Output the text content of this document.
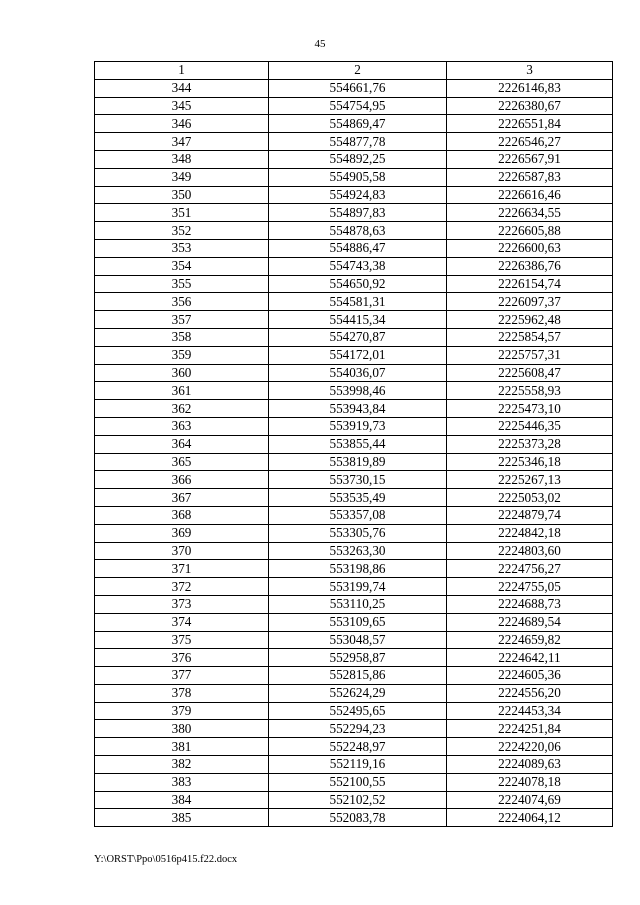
45
1	2	3
344	554661,76	2226146,83
345	554754,95	2226380,67
346	554869,47	2226551,84
347	554877,78	2226546,27
348	554892,25	2226567,91
349	554905,58	2226587,83
350	554924,83	2226616,46
351	554897,83	2226634,55
352	554878,63	2226605,88
353	554886,47	2226600,63
354	554743,38	2226386,76
355	554650,92	2226154,74
356	554581,31	2226097,37
357	554415,34	2225962,48
358	554270,87	2225854,57
359	554172,01	2225757,31
360	554036,07	2225608,47
361	553998,46	2225558,93
362	553943,84	2225473,10
363	553919,73	2225446,35
364	553855,44	2225373,28
365	553819,89	2225346,18
366	553730,15	2225267,13
367	553535,49	2225053,02
368	553357,08	2224879,74
369	553305,76	2224842,18
370	553263,30	2224803,60
371	553198,86	2224756,27
372	553199,74	2224755,05
373	553110,25	2224688,73
374	553109,65	2224689,54
375	553048,57	2224659,82
376	552958,87	2224642,11
377	552815,86	2224605,36
378	552624,29	2224556,20
379	552495,65	2224453,34
380	552294,23	2224251,84
381	552248,97	2224220,06
382	552119,16	2224089,63
383	552100,55	2224078,18
384	552102,52	2224074,69
385	552083,78	2224064,12
Y:\ORST\Ppo\0516p415.f22.docx
